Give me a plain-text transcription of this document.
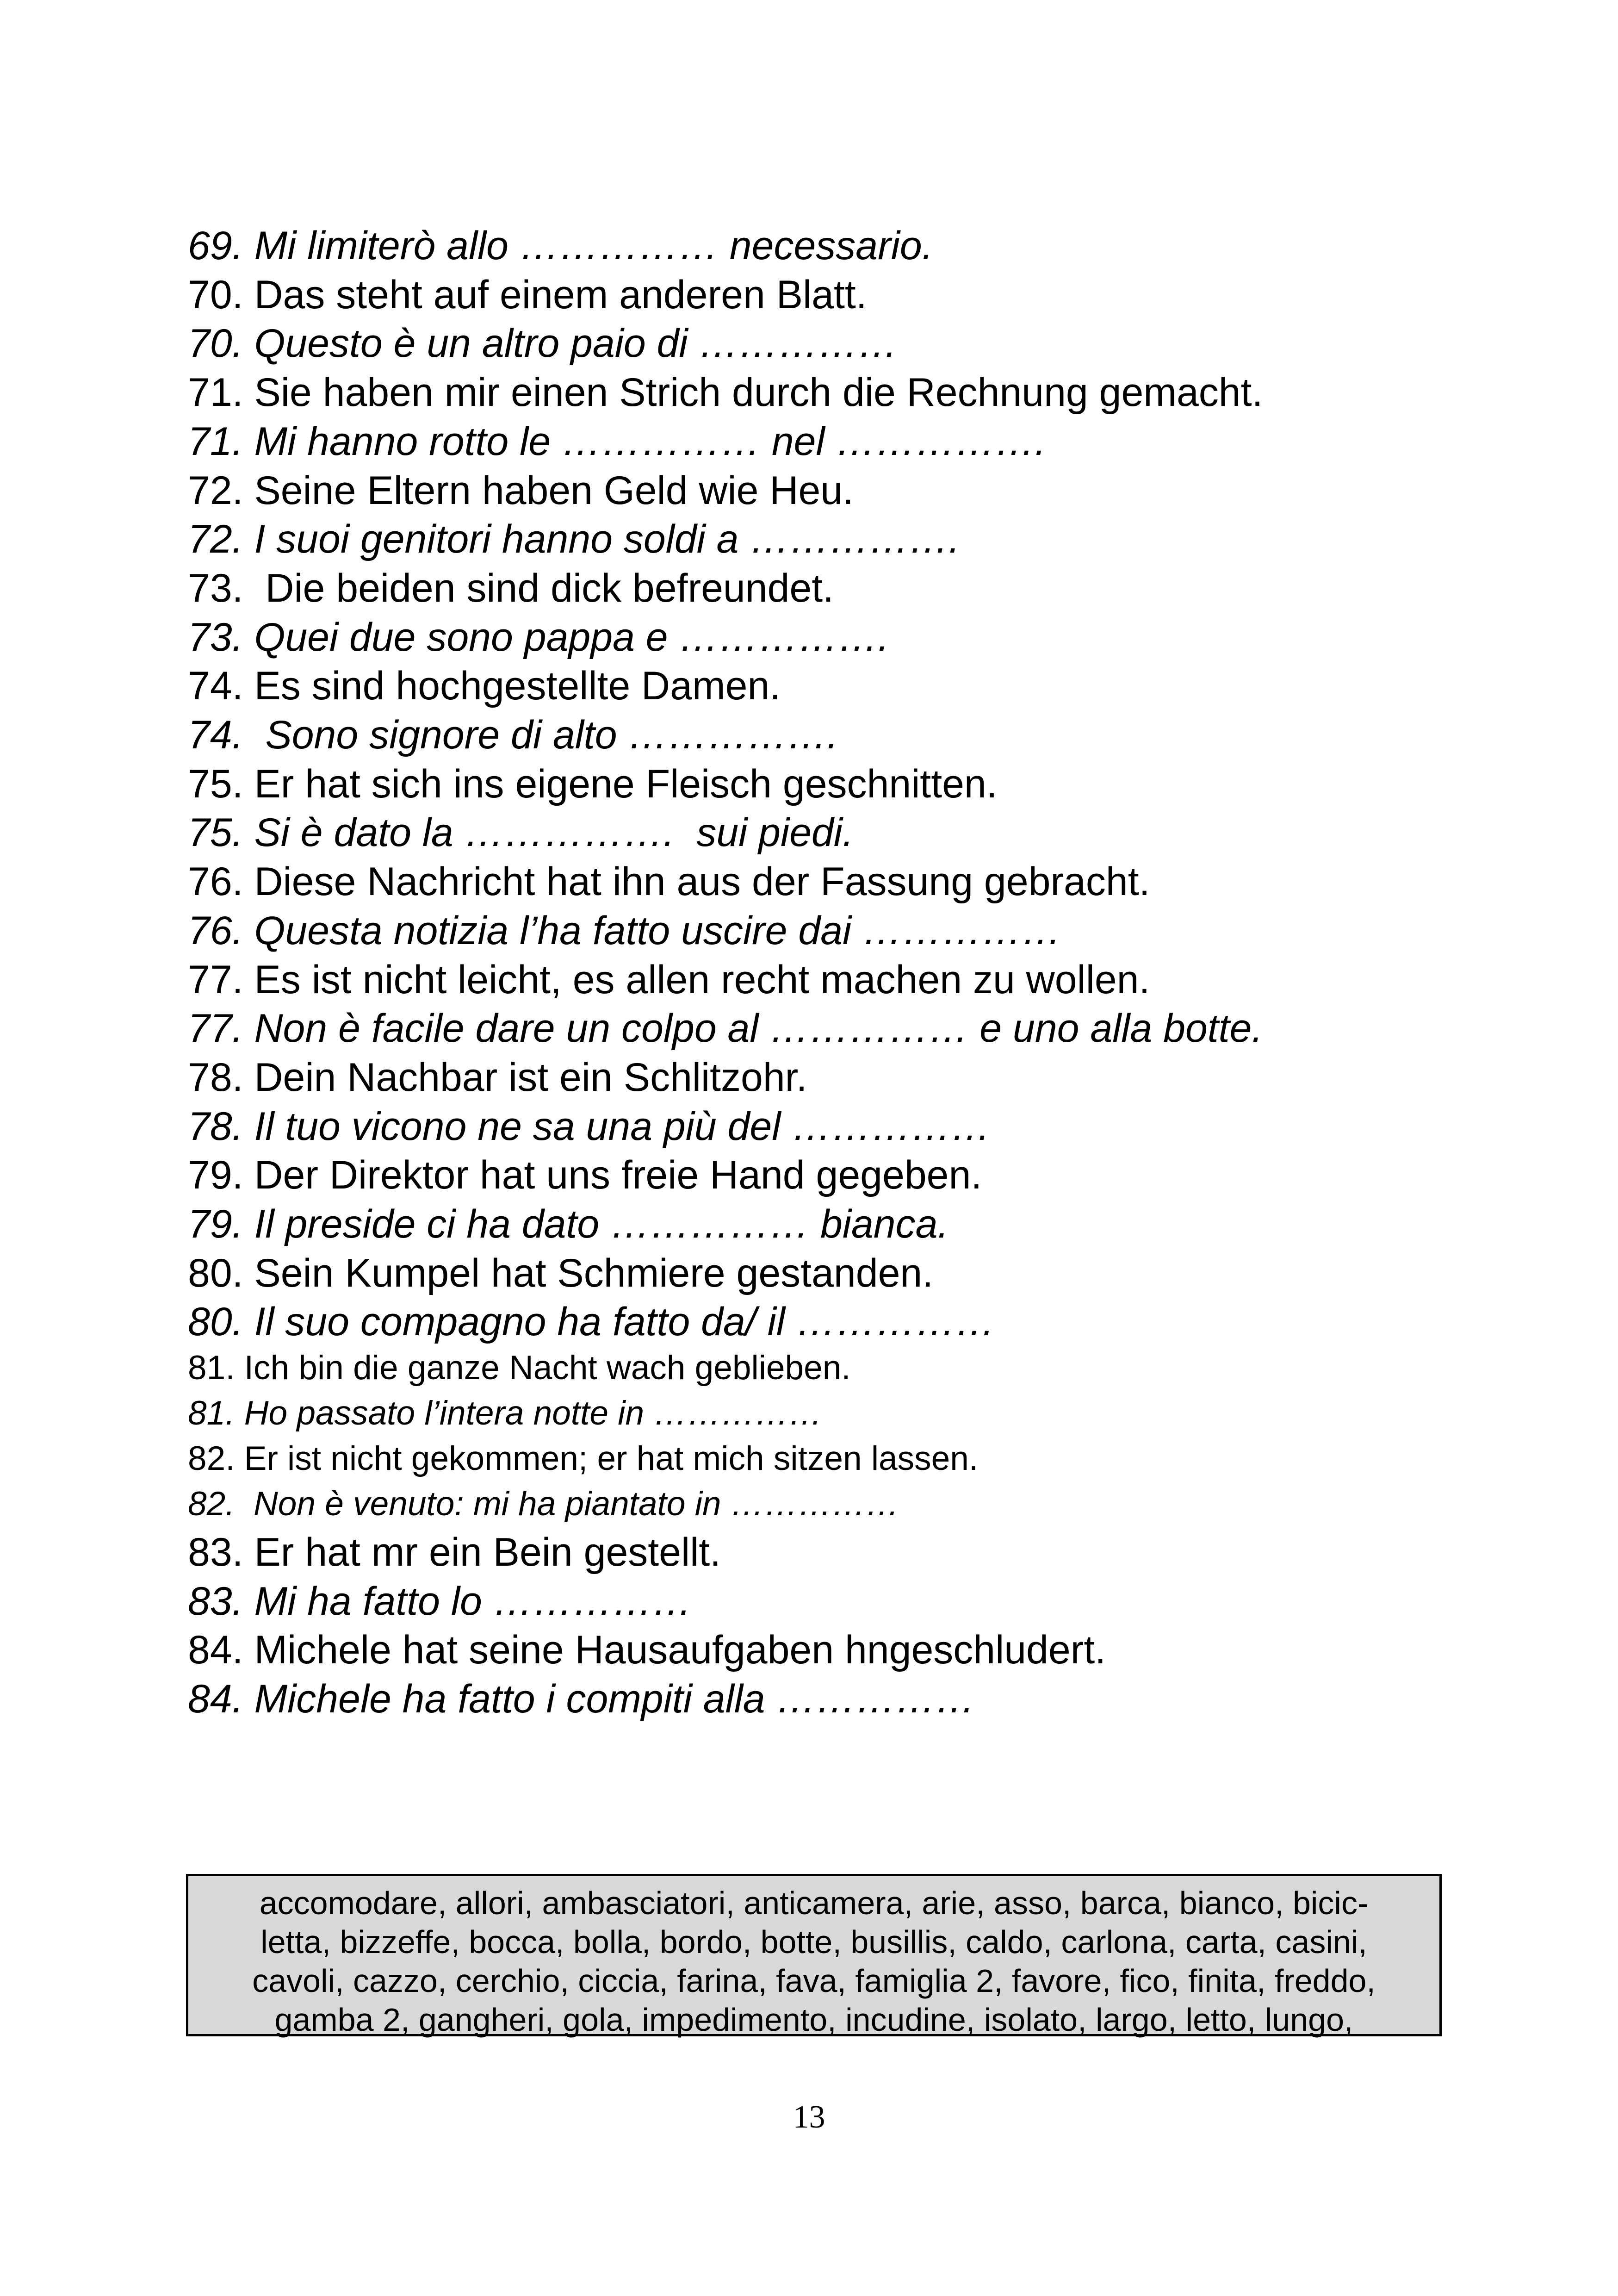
69. Mi limiterò allo …………… necessario.
70. Das steht auf einem anderen Blatt.
70. Questo è un altro paio di ……………
71. Sie haben mir einen Strich durch die Rechnung gemacht.
71. Mi hanno rotto le …………… nel …………….
72. Seine Eltern haben Geld wie Heu.
72. I suoi genitori hanno soldi a …………….
73.  Die beiden sind dick befreundet.
73. Quei due sono pappa e …………….
74. Es sind hochgestellte Damen.
74.  Sono signore di alto …………….
75. Er hat sich ins eigene Fleisch geschnitten.
75. Si è dato la …………….  sui piedi.
76. Diese Nachricht hat ihn aus der Fassung gebracht.
76. Questa notizia l’ha fatto uscire dai ……………
77. Es ist nicht leicht, es allen recht machen zu wollen.
77. Non è facile dare un colpo al …………… e uno alla botte.
78. Dein Nachbar ist ein Schlitzohr.
78. Il tuo vicono ne sa una più del ……………
79. Der Direktor hat uns freie Hand gegeben.
79. Il preside ci ha dato …………… bianca.
80. Sein Kumpel hat Schmiere gestanden.
80. Il suo compagno ha fatto da/ il ……………
81. Ich bin die ganze Nacht wach geblieben.
81. Ho passato l’intera notte in ……………
82. Er ist nicht gekommen; er hat mich sitzen lassen.
82.  Non è venuto: mi ha piantato in ……………
83. Er hat mr ein Bein gestellt.
83. Mi ha fatto lo ……………
84. Michele hat seine Hausaufgaben hngeschludert.
84. Michele ha fatto i compiti alla ……………
accomodare, allori, ambasciatori, anticamera, arie, asso, barca, bianco, bicic-
letta, bizzeffe, bocca, bolla, bordo, botte, busillis, caldo, carlona, carta, casini,
cavoli, cazzo, cerchio, ciccia, farina, fava, famiglia 2, favore, fico, finita, freddo,
gamba 2, gangheri, gola, impedimento, incudine, isolato, largo, letto, lungo,
13
